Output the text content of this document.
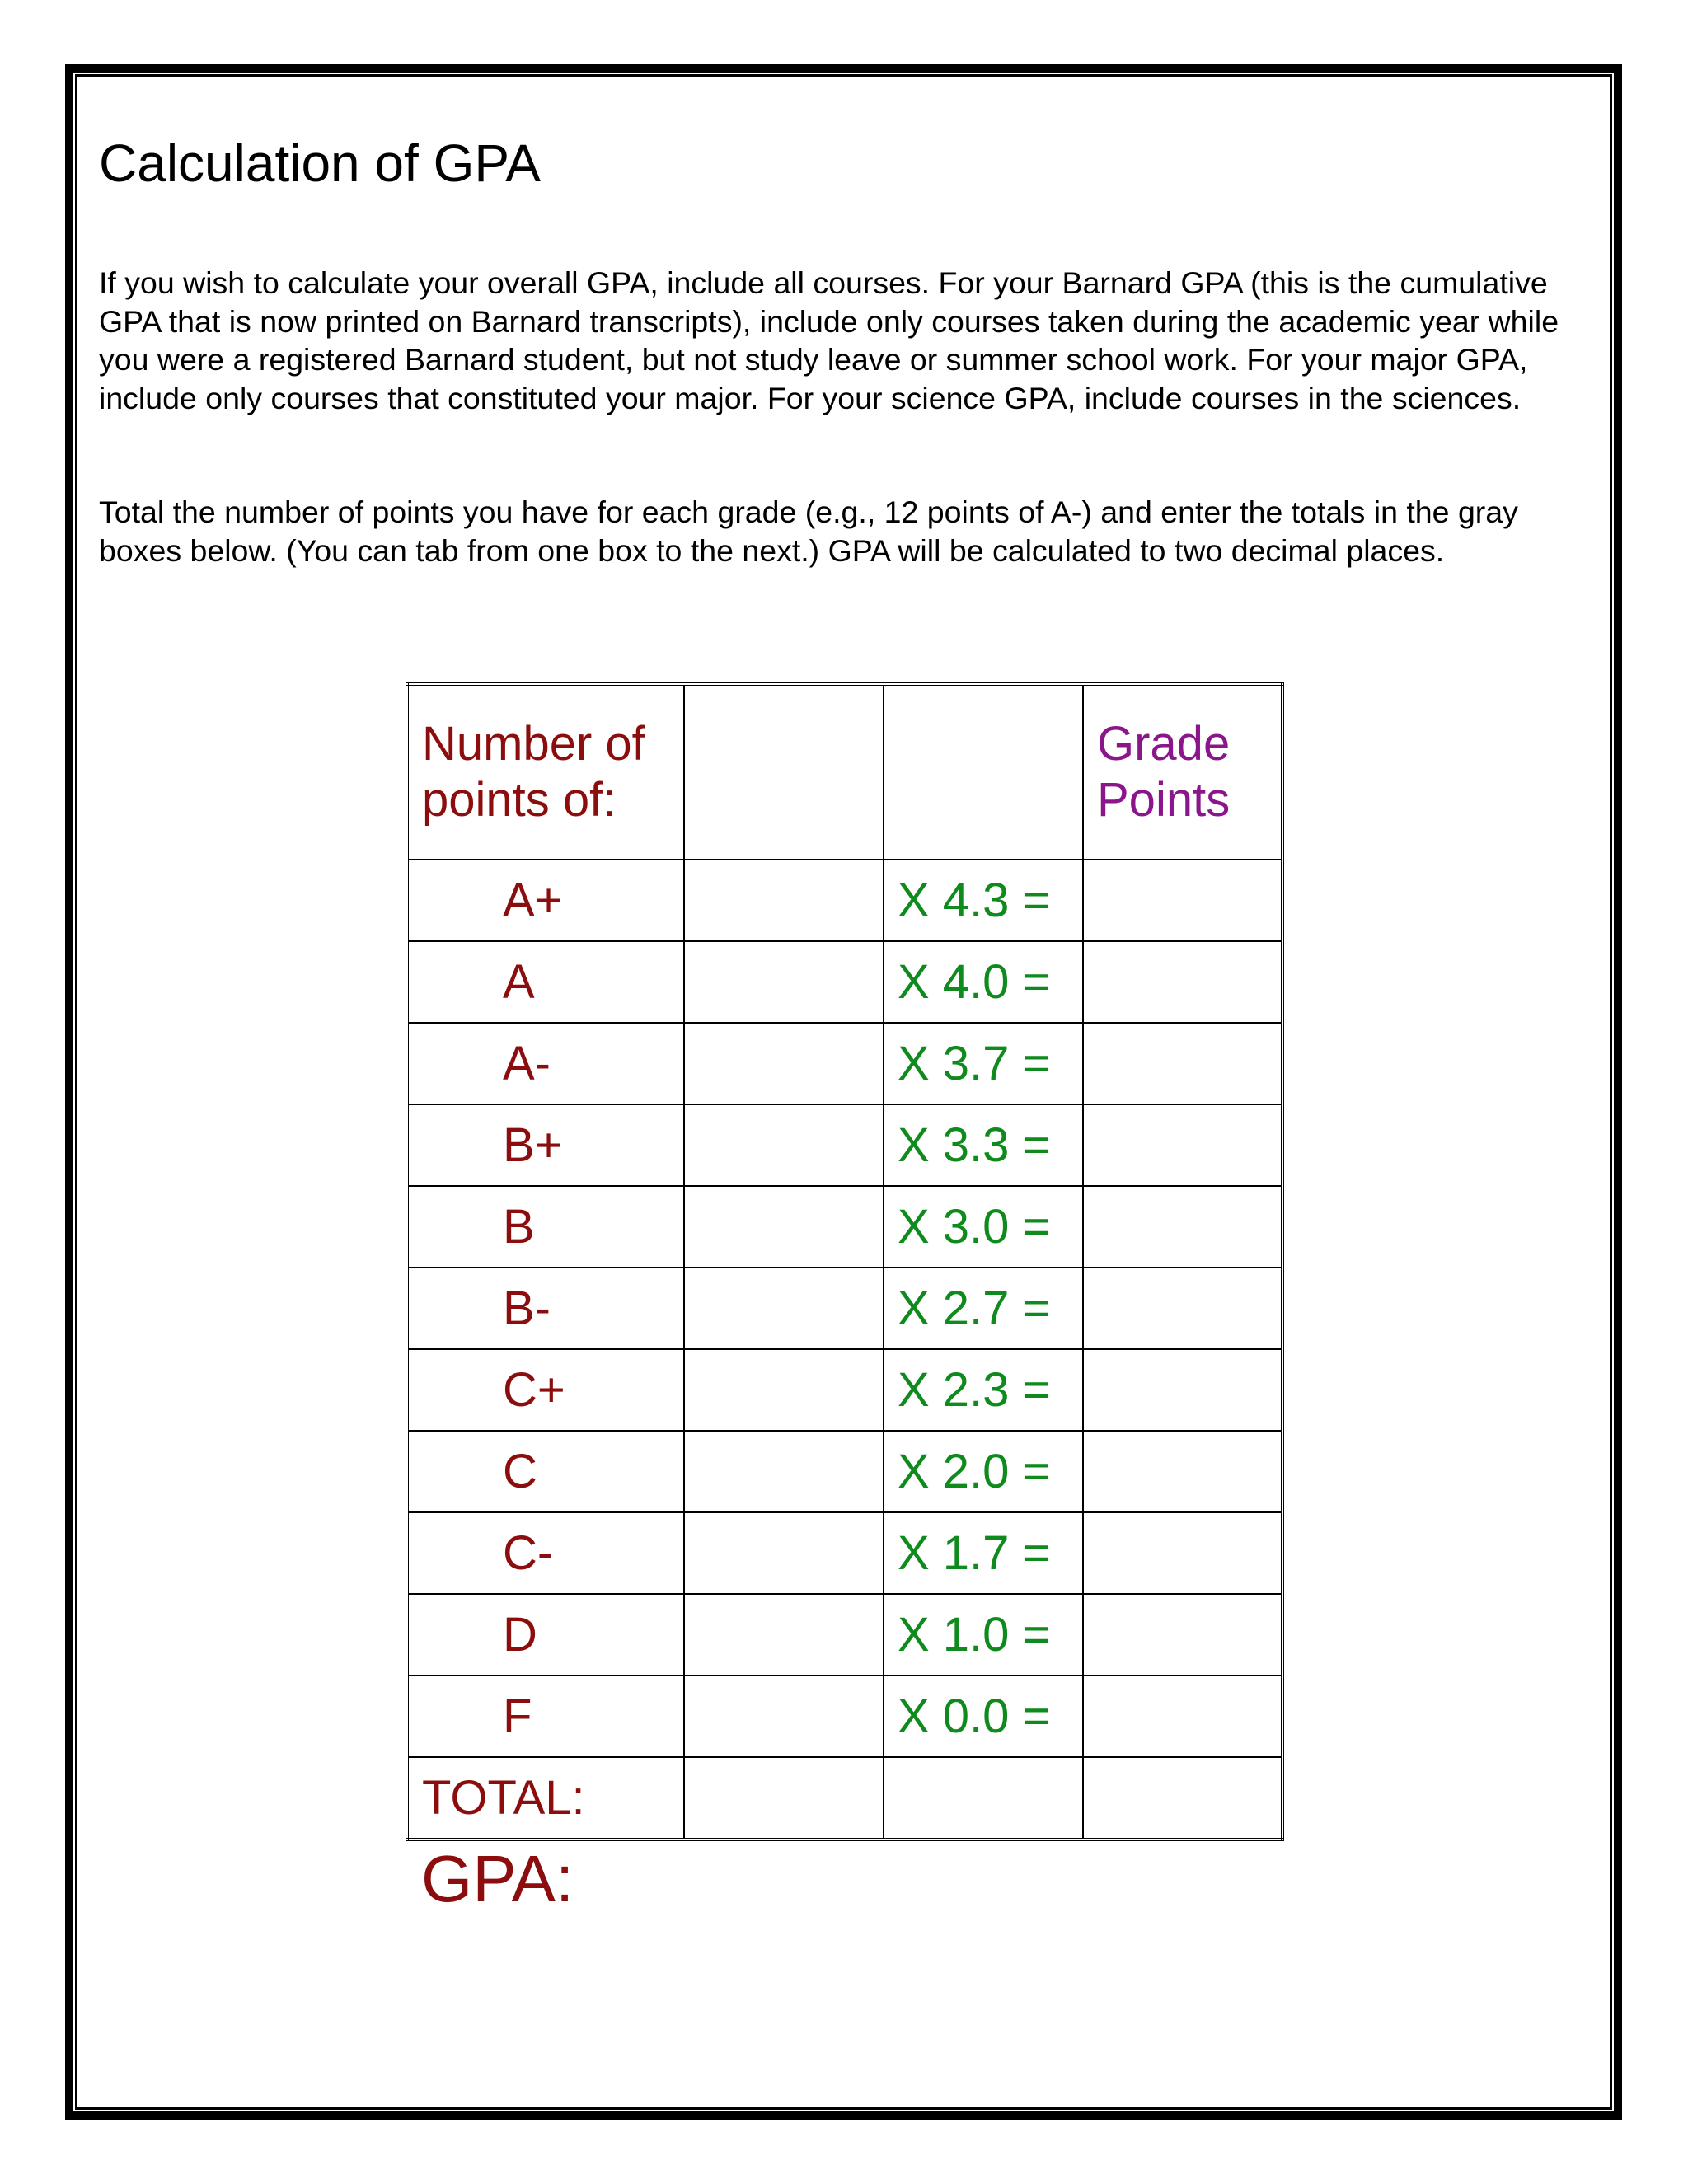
Calculation of GPA

If you wish to calculate your overall GPA, include all courses. For your Barnard GPA (this is the cumulative GPA that is now printed on Barnard transcripts), include only courses taken during the academic year while you were a registered Barnard student, but not study leave or summer school work. For your major GPA, include only courses that constituted your major. For your science GPA, include courses in the sciences.

Total the number of points you have for each grade (e.g., 12 points of A-) and enter the totals in the gray boxes below. (You can tab from one box to the next.) GPA will be calculated to two decimal places.

Number of points of:			Grade Points
A+		X 4.3 =	
A		X 4.0 =	
A-		X 3.7 =	
B+		X 3.3 =	
B		X 3.0 =	
B-		X 2.7 =	
C+		X 2.3 =	
C		X 2.0 =	
C-		X 1.7 =	
D		X 1.0 =	
F		X 0.0 =	
TOTAL:			
GPA:
